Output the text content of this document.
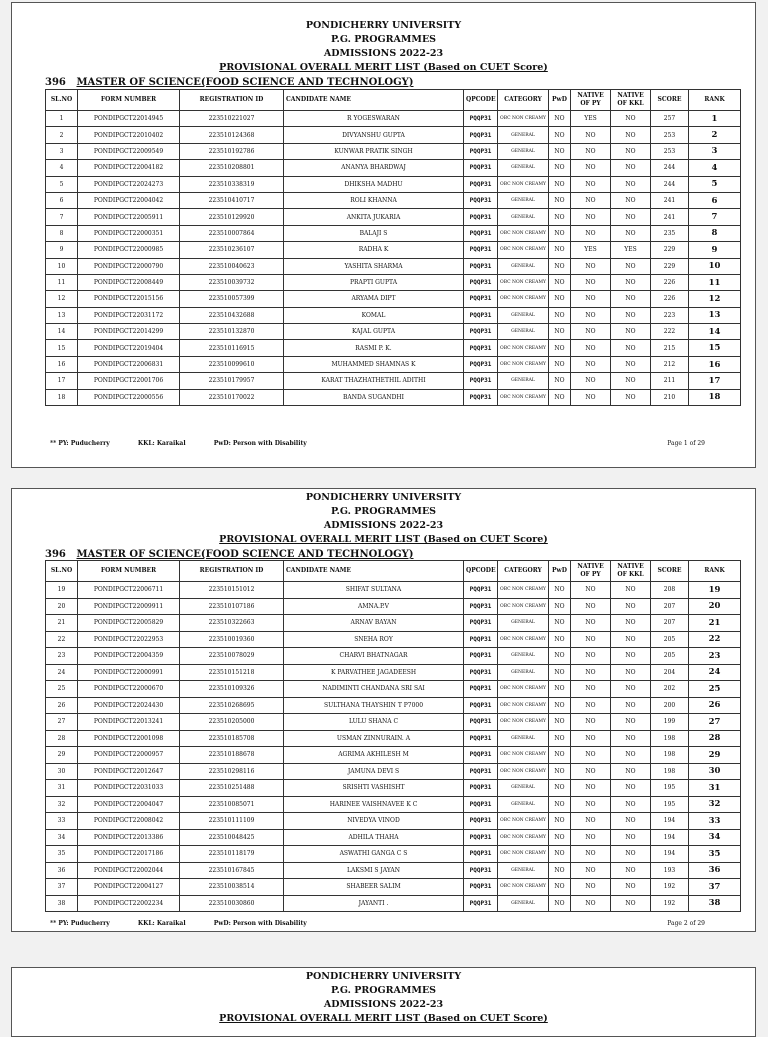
PONDICHERRY UNIVERSITY
P.G. PROGRAMMES
ADMISSIONS 2022-23
PROVISIONAL OVERALL MERIT LIST (Based on CUET Score)
396 MASTER OF SCIENCE(FOOD SCIENCE AND TECHNOLOGY)
SL.NO	FORM NUMBER	REGISTRATION ID	CANDIDATE NAME	QPCODE	CATEGORY	PwD	NATIVE OF PY	NATIVE OF KKL	SCORE	RANK
1	PONDIPGCT22014945	223510221027	R YOGESWARAN	PQQP31	OBC NON CREAMY	NO	YES	NO	257	1
2	PONDIPGCT22010402	223510124368	DIVYANSHU GUPTA	PQQP31	GENERAL	NO	NO	NO	253	2
3	PONDIPGCT22009549	223510192786	KUNWAR PRATIK SINGH	PQQP31	GENERAL	NO	NO	NO	253	3
4	PONDIPGCT22004182	223510208801	ANANYA BHARDWAJ	PQQP31	GENERAL	NO	NO	NO	244	4
5	PONDIPGCT22024273	223510338319	DHIKSHA MADHU	PQQP31	OBC NON CREAMY	NO	NO	NO	244	5
6	PONDIPGCT22004042	223510410717	ROLI KHANNA	PQQP31	GENERAL	NO	NO	NO	241	6
7	PONDIPGCT22005911	223510129920	ANKITA JUKARIA	PQQP31	GENERAL	NO	NO	NO	241	7
8	PONDIPGCT22000351	223510007864	BALAJI S	PQQP31	OBC NON CREAMY	NO	NO	NO	235	8
9	PONDIPGCT22000985	223510236107	RADHA K	PQQP31	OBC NON CREAMY	NO	YES	YES	229	9
10	PONDIPGCT22000790	223510040623	YASHITA SHARMA	PQQP31	GENERAL	NO	NO	NO	229	10
11	PONDIPGCT22008449	223510039732	PRAPTI GUPTA	PQQP31	OBC NON CREAMY	NO	NO	NO	226	11
12	PONDIPGCT22015156	223510057399	ARYAMA DIPT	PQQP31	OBC NON CREAMY	NO	NO	NO	226	12
13	PONDIPGCT22031172	223510432688	KOMAL	PQQP31	GENERAL	NO	NO	NO	223	13
14	PONDIPGCT22014299	223510132870	KAJAL GUPTA	PQQP31	GENERAL	NO	NO	NO	222	14
15	PONDIPGCT22019404	223510116915	RASMI P. K.	PQQP31	OBC NON CREAMY	NO	NO	NO	215	15
16	PONDIPGCT22006831	223510099610	MUHAMMED SHAMNAS K	PQQP31	OBC NON CREAMY	NO	NO	NO	212	16
17	PONDIPGCT22001706	223510179957	KARAT THAZHATHETHIL ADITHI	PQQP31	GENERAL	NO	NO	NO	211	17
18	PONDIPGCT22000556	223510170022	BANDA SUGANDHI	PQQP31	OBC NON CREAMY	NO	NO	NO	210	18
** PY: Puducherry	KKL: Karaikal	PwD: Person with Disability	Page 1 of 29
PONDICHERRY UNIVERSITY
P.G. PROGRAMMES
ADMISSIONS 2022-23
PROVISIONAL OVERALL MERIT LIST (Based on CUET Score)
396 MASTER OF SCIENCE(FOOD SCIENCE AND TECHNOLOGY)
SL.NO	FORM NUMBER	REGISTRATION ID	CANDIDATE NAME	QPCODE	CATEGORY	PwD	NATIVE OF PY	NATIVE OF KKL	SCORE	RANK
19	PONDIPGCT22006711	223510151012	SHIFAT SULTANA	PQQP31	OBC NON CREAMY	NO	NO	NO	208	19
20	PONDIPGCT22009911	223510107186	AMNA.P.V	PQQP31	OBC NON CREAMY	NO	NO	NO	207	20
21	PONDIPGCT22005829	223510322663	ARNAV BAYAN	PQQP31	GENERAL	NO	NO	NO	207	21
22	PONDIPGCT22022953	223510019360	SNEHA ROY	PQQP31	OBC NON CREAMY	NO	NO	NO	205	22
23	PONDIPGCT22004359	223510078029	CHARVI BHATNAGAR	PQQP31	GENERAL	NO	NO	NO	205	23
24	PONDIPGCT22000991	223510151218	K PARVATHEE JAGADEESH	PQQP31	GENERAL	NO	NO	NO	204	24
25	PONDIPGCT22000670	223510109326	NADIMINTI CHANDANA SRI SAI	PQQP31	OBC NON CREAMY	NO	NO	NO	202	25
26	PONDIPGCT22024430	223510268695	SULTHANA THAYSHIN T P7000	PQQP31	OBC NON CREAMY	NO	NO	NO	200	26
27	PONDIPGCT22013241	223510205000	LULU SHANA C	PQQP31	OBC NON CREAMY	NO	NO	NO	199	27
28	PONDIPGCT22001098	223510185708	USMAN ZINNURAIN. A	PQQP31	GENERAL	NO	NO	NO	198	28
29	PONDIPGCT22000957	223510188678	AGRIMA AKHILESH M	PQQP31	OBC NON CREAMY	NO	NO	NO	198	29
30	PONDIPGCT22012647	223510298116	JAMUNA DEVI S	PQQP31	OBC NON CREAMY	NO	NO	NO	198	30
31	PONDIPGCT22031033	223510251488	SRISHTI VASHISHT	PQQP31	GENERAL	NO	NO	NO	195	31
32	PONDIPGCT22004047	223510085071	HARINEE VAISHNAVEE K C	PQQP31	GENERAL	NO	NO	NO	195	32
33	PONDIPGCT22008042	223510111109	NIVEDYA VINOD	PQQP31	OBC NON CREAMY	NO	NO	NO	194	33
34	PONDIPGCT22013386	223510048425	ADHILA THAHA	PQQP31	OBC NON CREAMY	NO	NO	NO	194	34
35	PONDIPGCT22017186	223510118179	ASWATHI GANGA C S	PQQP31	OBC NON CREAMY	NO	NO	NO	194	35
36	PONDIPGCT22002044	223510167845	LAKSMI S JAYAN	PQQP31	GENERAL	NO	NO	NO	193	36
37	PONDIPGCT22004127	223510038514	SHABEER SALIM	PQQP31	OBC NON CREAMY	NO	NO	NO	192	37
38	PONDIPGCT22002234	223510030860	JAYANTI .	PQQP31	GENERAL	NO	NO	NO	192	38
** PY: Puducherry	KKL: Karaikal	PwD: Person with Disability	Page 2 of 29
PONDICHERRY UNIVERSITY
P.G. PROGRAMMES
ADMISSIONS 2022-23
PROVISIONAL OVERALL MERIT LIST (Based on CUET Score)
